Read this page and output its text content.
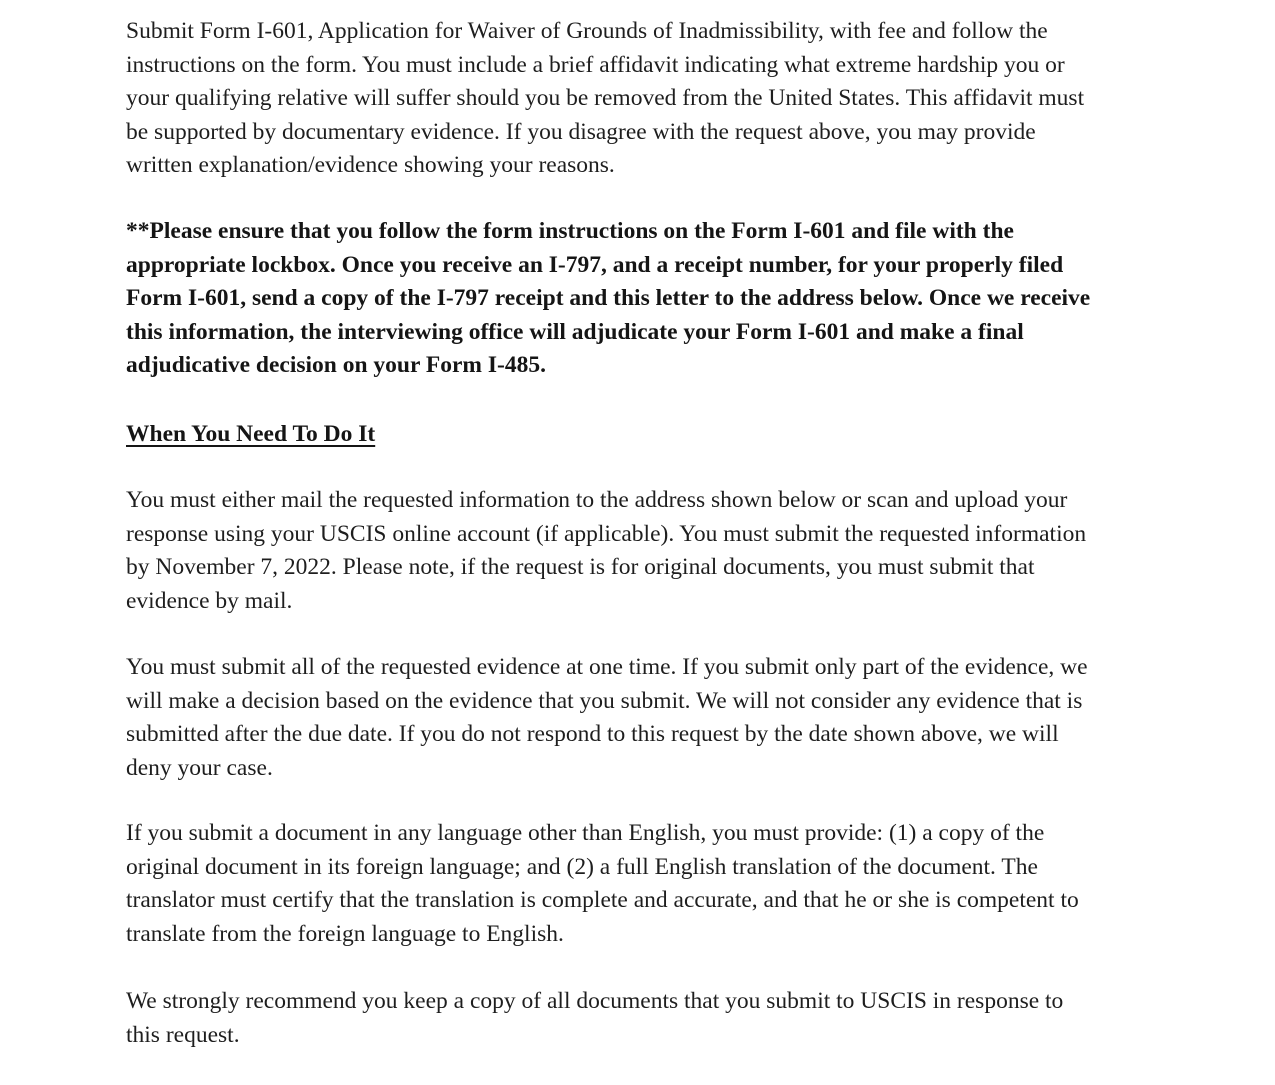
Submit Form I-601, Application for Waiver of Grounds of Inadmissibility, with fee and follow the
instructions on the form. You must include a brief affidavit indicating what extreme hardship you or
your qualifying relative will suffer should you be removed from the United States. This affidavit must
be supported by documentary evidence. If you disagree with the request above, you may provide
written explanation/evidence showing your reasons.
**Please ensure that you follow the form instructions on the Form I-601 and file with the
appropriate lockbox. Once you receive an I-797, and a receipt number, for your properly filed
Form I-601, send a copy of the I-797 receipt and this letter to the address below. Once we receive
this information, the interviewing office will adjudicate your Form I-601 and make a final
adjudicative decision on your Form I-485.
When You Need To Do It
You must either mail the requested information to the address shown below or scan and upload your
response using your USCIS online account (if applicable). You must submit the requested information
by November 7, 2022. Please note, if the request is for original documents, you must submit that
evidence by mail.
You must submit all of the requested evidence at one time. If you submit only part of the evidence, we
will make a decision based on the evidence that you submit. We will not consider any evidence that is
submitted after the due date. If you do not respond to this request by the date shown above, we will
deny your case.
If you submit a document in any language other than English, you must provide: (1) a copy of the
original document in its foreign language; and (2) a full English translation of the document. The
translator must certify that the translation is complete and accurate, and that he or she is competent to
translate from the foreign language to English.
We strongly recommend you keep a copy of all documents that you submit to USCIS in response to
this request.
